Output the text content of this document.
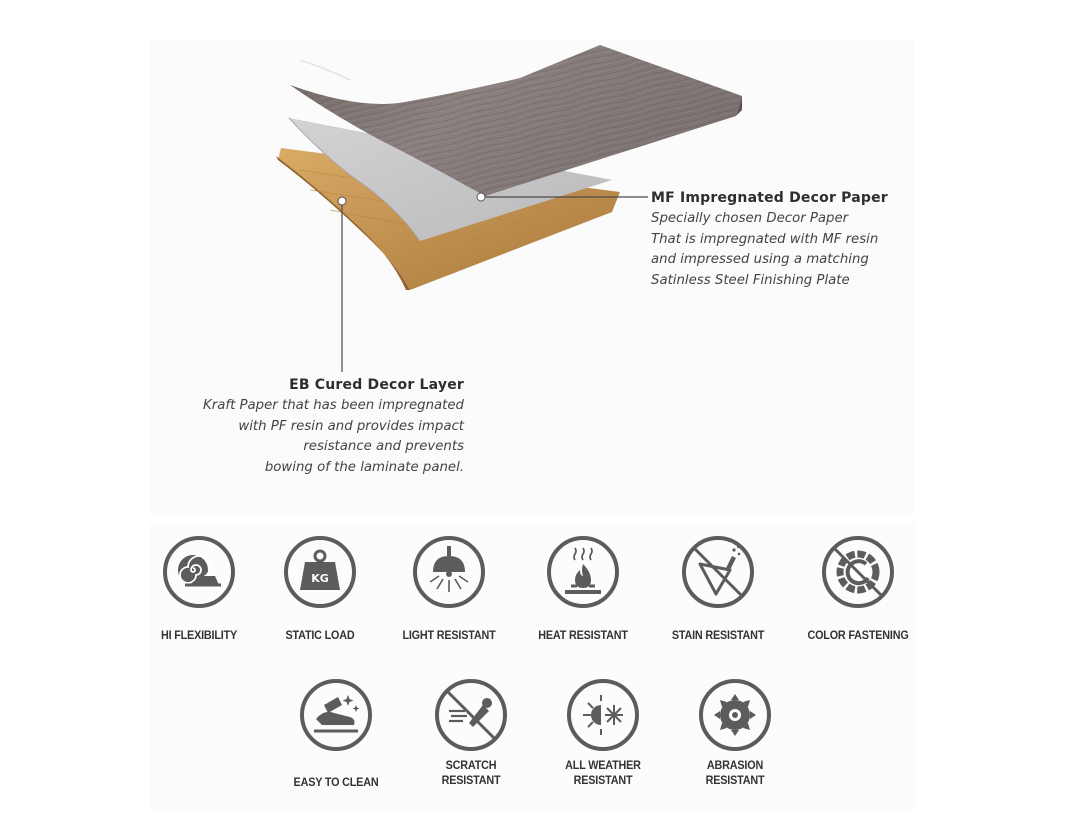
MF Impregnated Decor Paper
Specially chosen Decor Paper
That is impregnated with MF resin
and impressed using a matching
Satinless Steel Finishing Plate
EB Cured Decor Layer
Kraft Paper that has been impregnated
with PF resin and provides impact
resistance and prevents
bowing of the laminate panel.
HI FLEXIBILITY
KG
STATIC LOAD	LIGHT RESISTANT	HEAT RESISTANT	STAIN RESISTANT	COLOR FASTENING
EASY TO CLEAN
SCRATCH
RESISTANT
ALL WEATHER
RESISTANT
ABRASION
RESISTANT
